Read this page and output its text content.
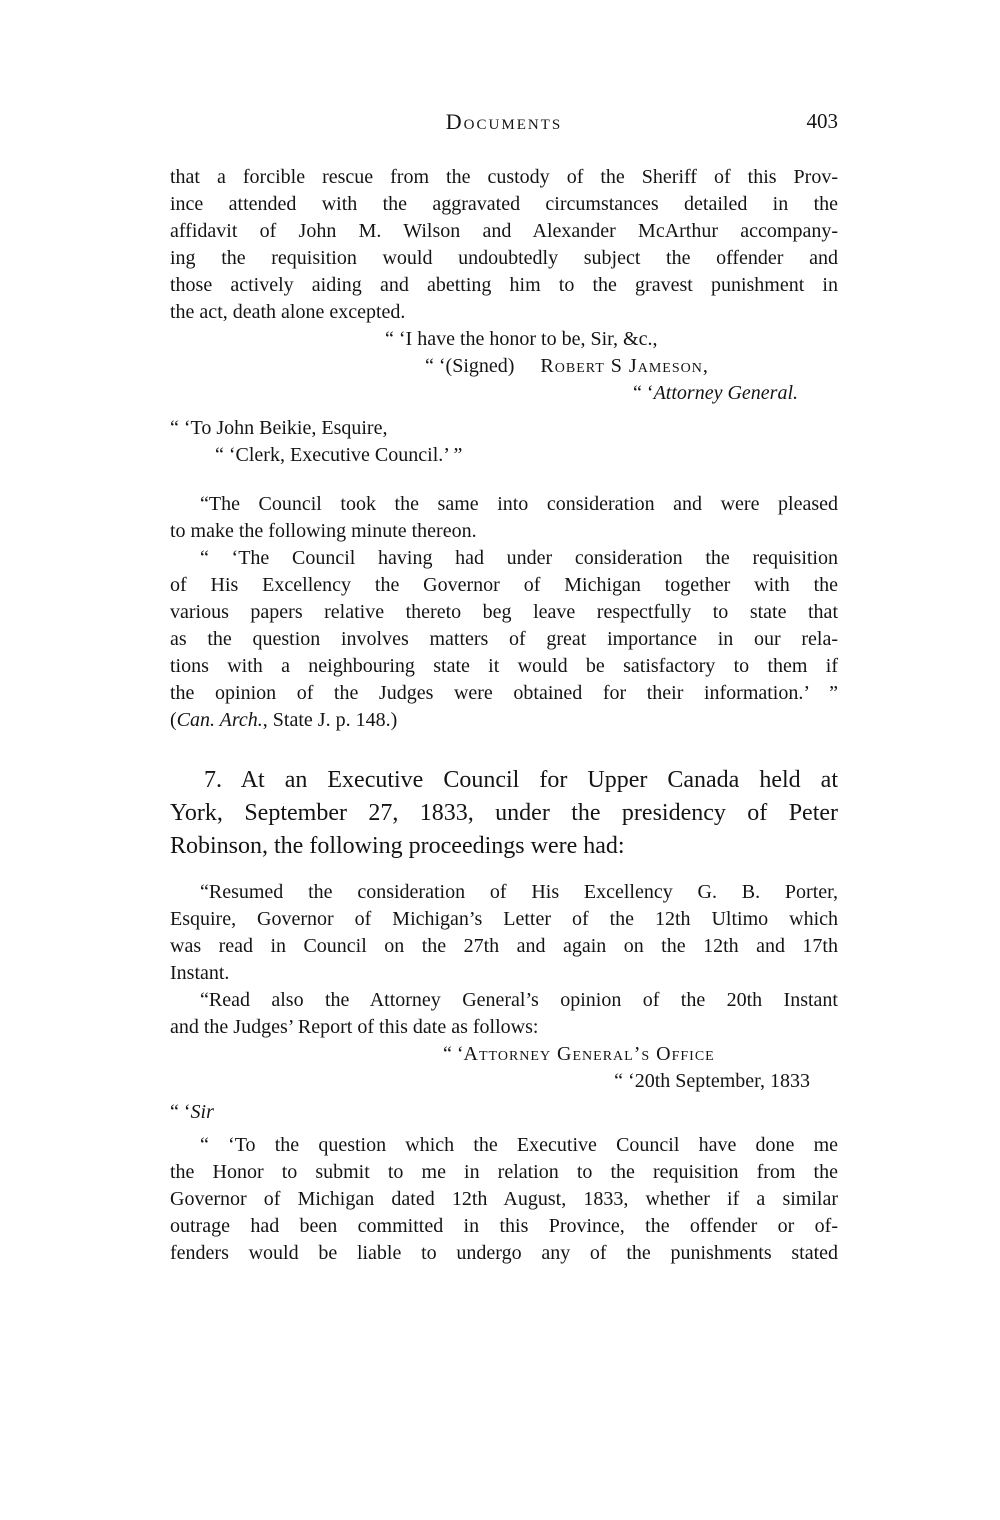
Documents	403
that a forcible rescue from the custody of the Sheriff of this Prov-
ince attended with the aggravated circumstances detailed in the
affidavit of John M. Wilson and Alexander McArthur accompany-
ing the requisition would undoubtedly subject the offender and
those actively aiding and abetting him to the gravest punishment in
the act, death alone excepted.
“ ‘I have the honor to be, Sir, &c.,
“ ‘(Signed) Robert S Jameson,
“ ‘Attorney General.
“ ‘To John Beikie, Esquire,
“ ‘Clerk, Executive Council.’ ”
“The Council took the same into consideration and were pleased
to make the following minute thereon.
“ ‘The Council having had under consideration the requisition
of His Excellency the Governor of Michigan together with the
various papers relative thereto beg leave respectfully to state that
as the question involves matters of great importance in our rela-
tions with a neighbouring state it would be satisfactory to them if
the opinion of the Judges were obtained for their information.’ ”
(Can. Arch., State J. p. 148.)
7. At an Executive Council for Upper Canada held at
York, September 27, 1833, under the presidency of Peter
Robinson, the following proceedings were had:
“Resumed the consideration of His Excellency G. B. Porter,
Esquire, Governor of Michigan’s Letter of the 12th Ultimo which
was read in Council on the 27th and again on the 12th and 17th
Instant.
“Read also the Attorney General’s opinion of the 20th Instant
and the Judges’ Report of this date as follows:
“ ‘Attorney General’s Office
“ ‘20th September, 1833
“ ‘Sir
“ ‘To the question which the Executive Council have done me
the Honor to submit to me in relation to the requisition from the
Governor of Michigan dated 12th August, 1833, whether if a similar
outrage had been committed in this Province, the offender or of-
fenders would be liable to undergo any of the punishments stated
